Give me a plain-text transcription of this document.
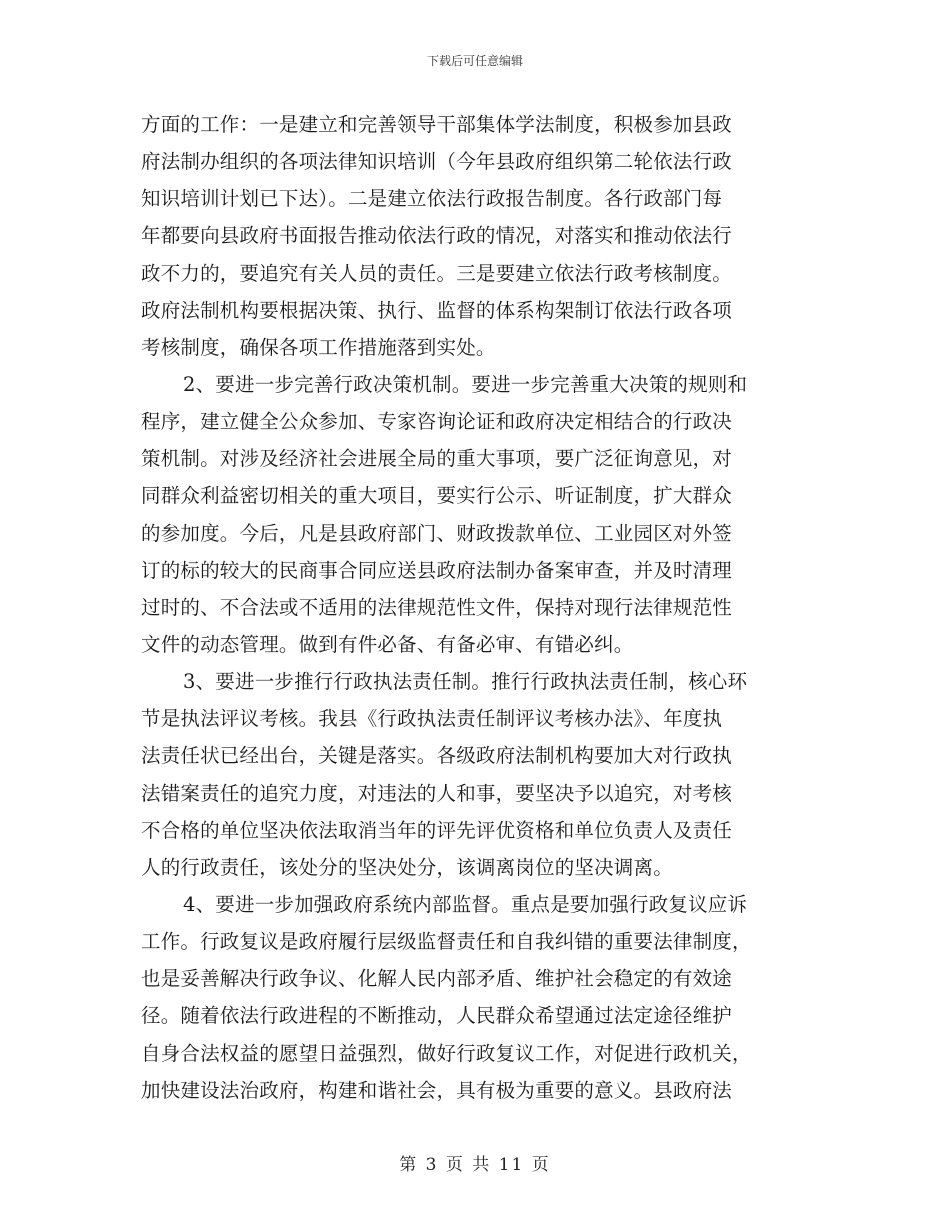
下载后可任意编辑
方面的工作：一是建立和完善领导干部集体学法制度，积极参加县政
府法制办组织的各项法律知识培训（今年县政府组织第二轮依法行政
知识培训计划已下达）。二是建立依法行政报告制度。各行政部门每
年都要向县政府书面报告推动依法行政的情况，对落实和推动依法行
政不力的，要追究有关人员的责任。三是要建立依法行政考核制度。
政府法制机构要根据决策、执行、监督的体系构架制订依法行政各项
考核制度，确保各项工作措施落到实处。
2、要进一步完善行政决策机制。要进一步完善重大决策的规则和
程序，建立健全公众参加、专家咨询论证和政府决定相结合的行政决
策机制。对涉及经济社会进展全局的重大事项，要广泛征询意见，对
同群众利益密切相关的重大项目，要实行公示、听证制度，扩大群众
的参加度。今后，凡是县政府部门、财政拨款单位、工业园区对外签
订的标的较大的民商事合同应送县政府法制办备案审查，并及时清理
过时的、不合法或不适用的法律规范性文件，保持对现行法律规范性
文件的动态管理。做到有件必备、有备必审、有错必纠。
3、要进一步推行行政执法责任制。推行行政执法责任制，核心环
节是执法评议考核。我县《行政执法责任制评议考核办法》、年度执
法责任状已经出台，关键是落实。各级政府法制机构要加大对行政执
法错案责任的追究力度，对违法的人和事，要坚决予以追究，对考核
不合格的单位坚决依法取消当年的评先评优资格和单位负责人及责任
人的行政责任，该处分的坚决处分，该调离岗位的坚决调离。
4、要进一步加强政府系统内部监督。重点是要加强行政复议应诉
工作。行政复议是政府履行层级监督责任和自我纠错的重要法律制度，
也是妥善解决行政争议、化解人民内部矛盾、维护社会稳定的有效途
径。随着依法行政进程的不断推动，人民群众希望通过法定途径维护
自身合法权益的愿望日益强烈，做好行政复议工作，对促进行政机关，
加快建设法治政府，构建和谐社会，具有极为重要的意义。县政府法
第 3 页 共 11 页
